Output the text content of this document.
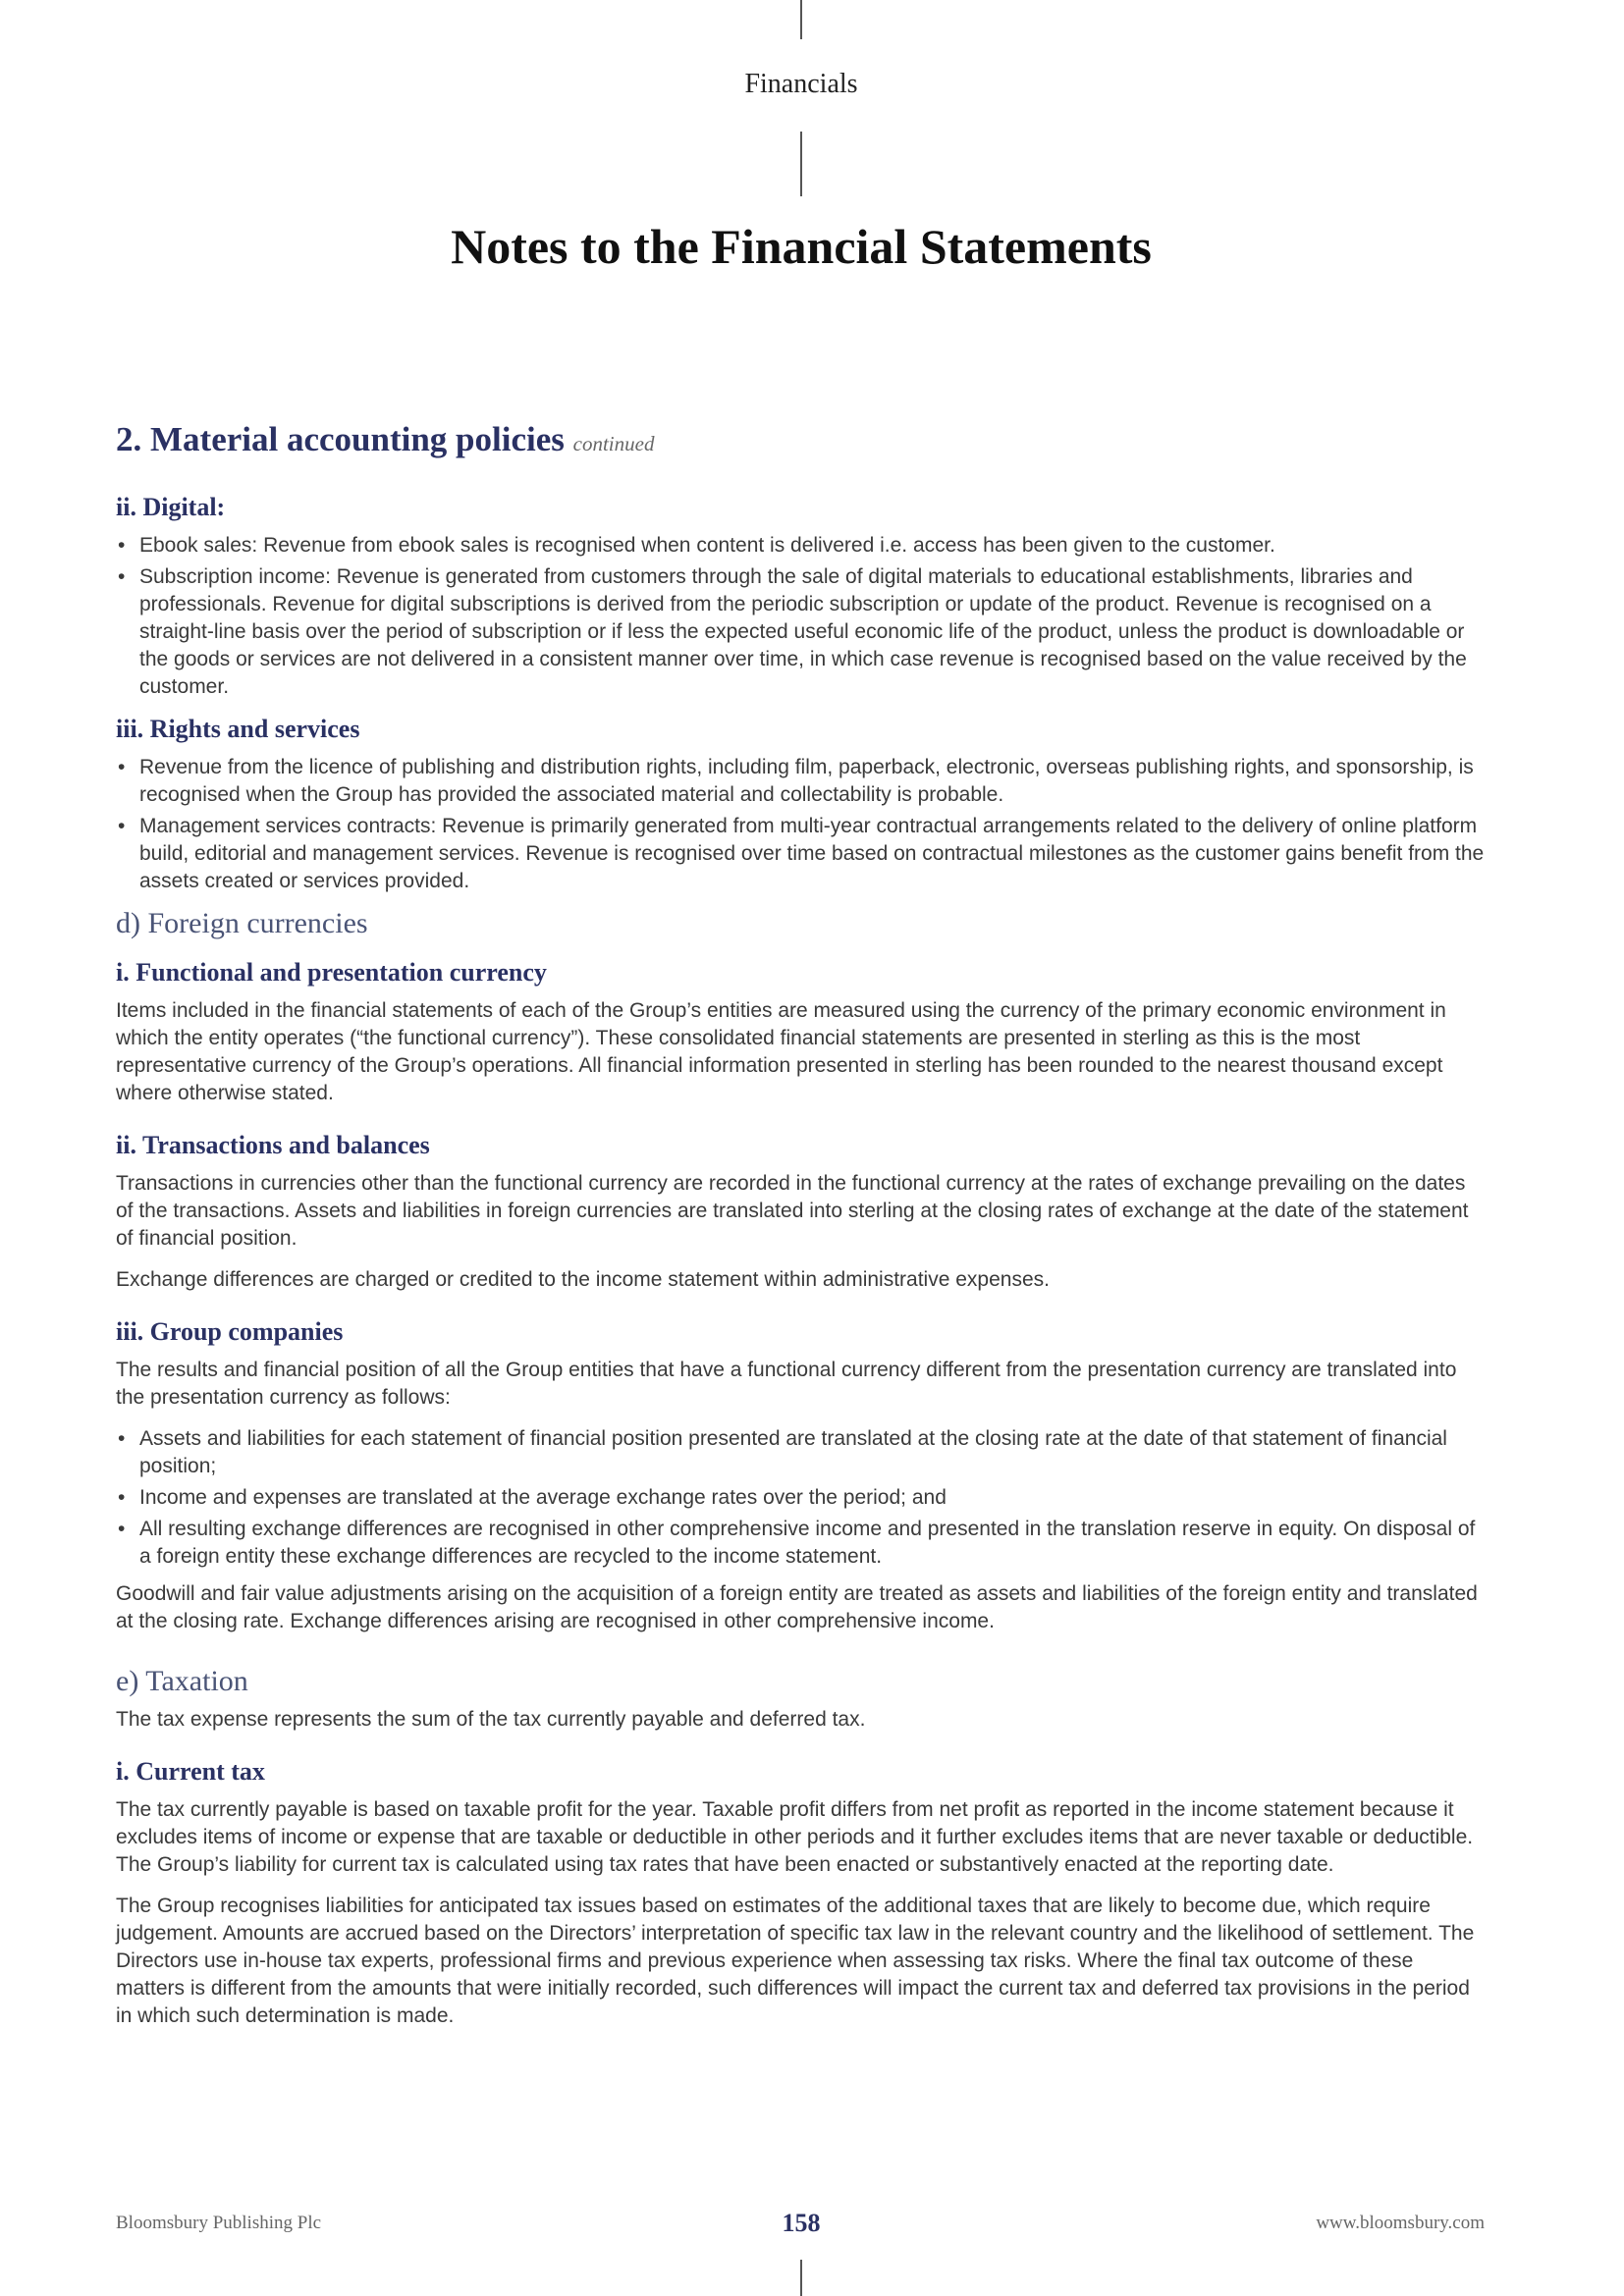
Financials
Notes to the Financial Statements
2. Material accounting policies continued
ii. Digital:
• Ebook sales: Revenue from ebook sales is recognised when content is delivered i.e. access has been given to the customer.
• Subscription income: Revenue is generated from customers through the sale of digital materials to educational establishments, libraries and professionals. Revenue for digital subscriptions is derived from the periodic subscription or update of the product. Revenue is recognised on a straight-line basis over the period of subscription or if less the expected useful economic life of the product, unless the product is downloadable or the goods or services are not delivered in a consistent manner over time, in which case revenue is recognised based on the value received by the customer.
iii. Rights and services
• Revenue from the licence of publishing and distribution rights, including film, paperback, electronic, overseas publishing rights, and sponsorship, is recognised when the Group has provided the associated material and collectability is probable.
• Management services contracts: Revenue is primarily generated from multi-year contractual arrangements related to the delivery of online platform build, editorial and management services. Revenue is recognised over time based on contractual milestones as the customer gains benefit from the assets created or services provided.
d) Foreign currencies
i. Functional and presentation currency

Items included in the financial statements of each of the Group’s entities are measured using the currency of the primary economic environment in which the entity operates (“the functional currency”). These consolidated financial statements are presented in sterling as this is the most representative currency of the Group’s operations. All financial information presented in sterling has been rounded to the nearest thousand except where otherwise stated.

ii. Transactions and balances

Transactions in currencies other than the functional currency are recorded in the functional currency at the rates of exchange prevailing on the dates of the transactions. Assets and liabilities in foreign currencies are translated into sterling at the closing rates of exchange at the date of the statement of financial position.

Exchange differences are charged or credited to the income statement within administrative expenses.

iii. Group companies

The results and financial position of all the Group entities that have a functional currency different from the presentation currency are translated into the presentation currency as follows:

• Assets and liabilities for each statement of financial position presented are translated at the closing rate at the date of that statement of financial position;
• Income and expenses are translated at the average exchange rates over the period; and
• All resulting exchange differences are recognised in other comprehensive income and presented in the translation reserve in equity. On disposal of a foreign entity these exchange differences are recycled to the income statement.

Goodwill and fair value adjustments arising on the acquisition of a foreign entity are treated as assets and liabilities of the foreign entity and translated at the closing rate. Exchange differences arising are recognised in other comprehensive income.

e) Taxation

The tax expense represents the sum of the tax currently payable and deferred tax.

i. Current tax

The tax currently payable is based on taxable profit for the year. Taxable profit differs from net profit as reported in the income statement because it excludes items of income or expense that are taxable or deductible in other periods and it further excludes items that are never taxable or deductible. The Group’s liability for current tax is calculated using tax rates that have been enacted or substantively enacted at the reporting date.

The Group recognises liabilities for anticipated tax issues based on estimates of the additional taxes that are likely to become due, which require judgement. Amounts are accrued based on the Directors’ interpretation of specific tax law in the relevant country and the likelihood of settlement. The Directors use in-house tax experts, professional firms and previous experience when assessing tax risks. Where the final tax outcome of these matters is different from the amounts that were initially recorded, such differences will impact the current tax and deferred tax provisions in the period in which such determination is made.

Bloomsbury Publishing Plc	158	www.bloomsbury.com
